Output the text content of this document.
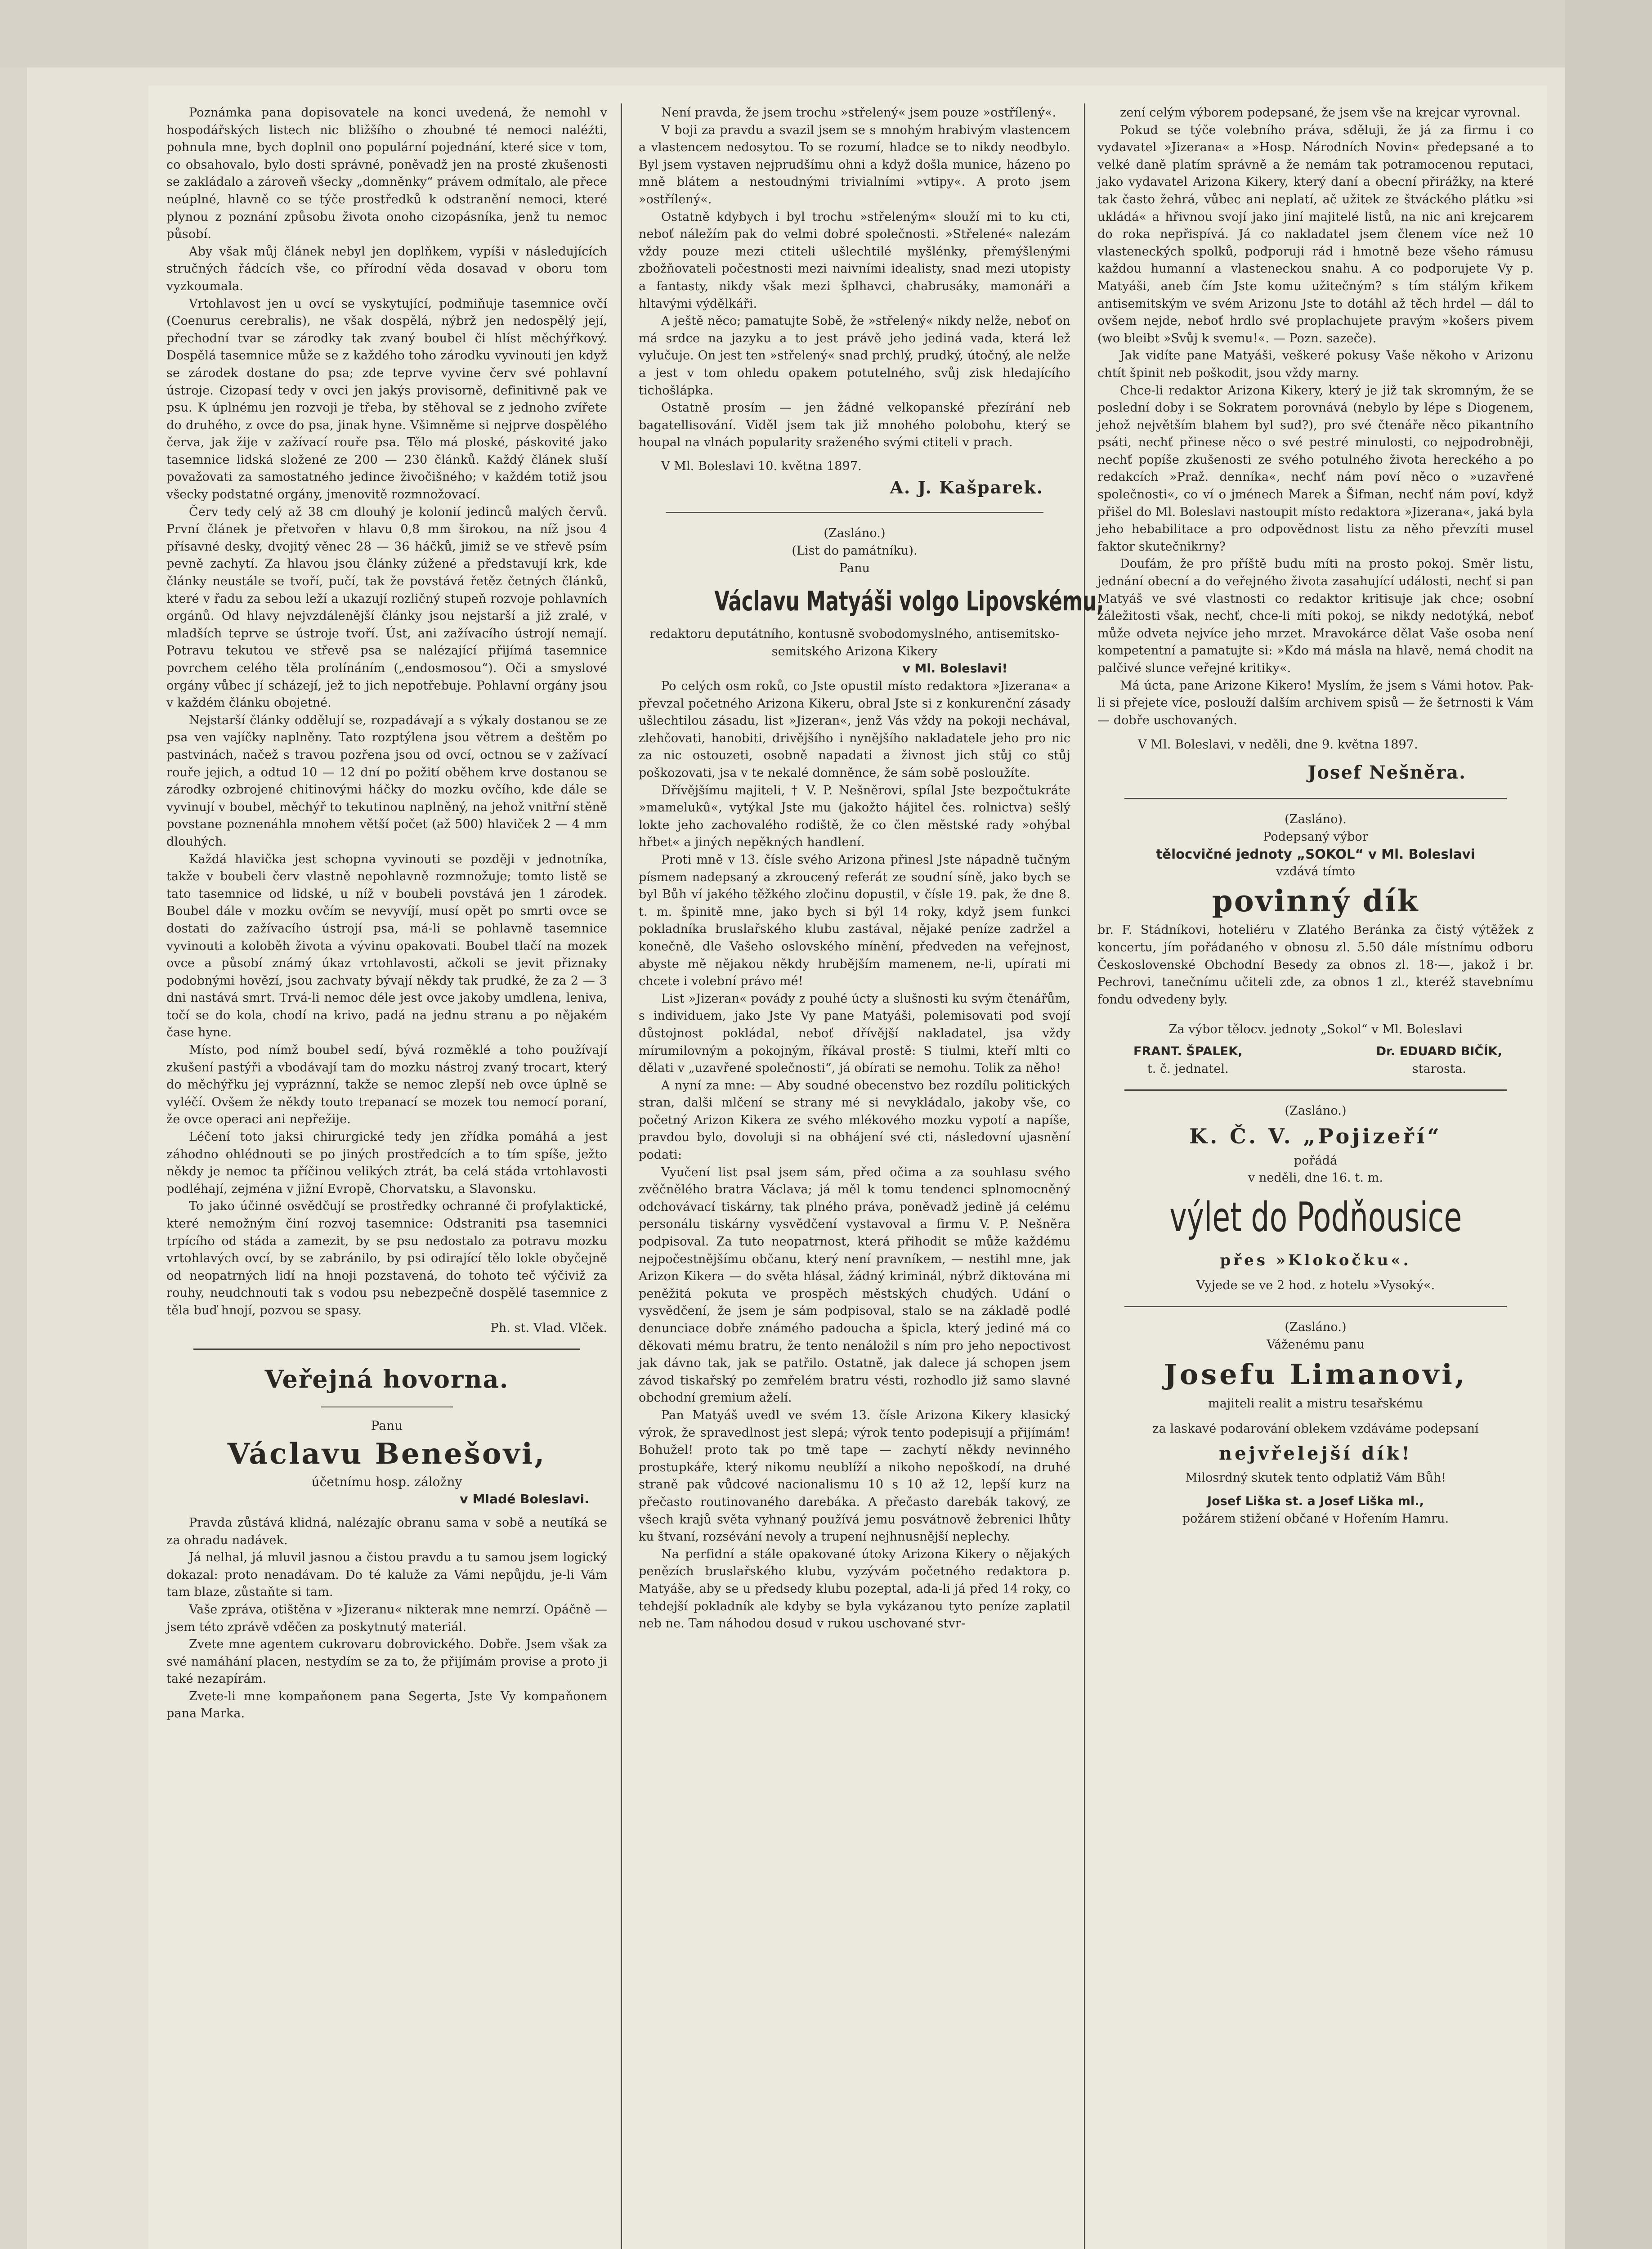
Poznámka pana dopisovatele na konci uvedená, že nemohl v hospodářských listech nic bližšího o zhoubné té nemoci naléźti, pohnula mne, bych doplnil ono populární pojednání, které sice v tom, co obsahovalo, bylo dosti správné, poněvadž jen na prosté zkušenosti se zakládalo a zároveň všecky „domněnky“ právem odmítalo, ale přece neúplné, hlavně co se týče prostředků k odstranění nemoci, které plynou z poznání způsobu života onoho cizopásníka, jenž tu nemoc působí.

Aby však můj článek nebyl jen doplňkem, vypíši v následujících stručných řádcích vše, co přírodní věda dosavad v oboru tom vyzkoumala.

Vrtohlavost jen u ovcí se vyskytující, podmiňuje tasemnice ovčí (Coenurus cerebralis), ne však dospělá, nýbrž jen nedospělý její, přechodní tvar se zárodky tak zvaný boubel či hlíst měchýřkový. Dospělá tasemnice může se z každého toho zárodku vyvinouti jen když se zárodek dostane do psa; zde teprve vyvine červ své pohlavní ústroje. Cizopasí tedy v ovci jen jakýs provisorně, definitivně pak ve psu. K úplnému jen rozvoji je třeba, by stěhoval se z jednoho zvířete do druhého, z ovce do psa, jinak hyne. Všimněme si nejprve dospělého červa, jak žije v zažívací rouře psa. Tělo má ploské, páskovité jako tasemnice lidská složené ze 200 — 230 článků. Každý článek sluší považovati za samostatného jedince živočišného; v každém totiž jsou všecky podstatné orgány, jmenovitě rozmnožovací.

Červ tedy celý až 38 cm dlouhý je kolonií jedinců malých červů. První článek je přetvořen v hlavu 0,8 mm širokou, na níž jsou 4 přísavné desky, dvojitý věnec 28 — 36 háčků, jimiž se ve střevě psím pevně zachytí. Za hlavou jsou články zúžené a představují krk, kde články neustále se tvoří, pučí, tak že povstává řetěz četných článků, které v řadu za sebou leží a ukazují rozličný stupeň rozvoje pohlavních orgánů. Od hlavy nejvzdálenější články jsou nejstarší a již zralé, v mladších teprve se ústroje tvoří. Úst, ani zažívacího ústrojí nemají. Potravu tekutou ve střevě psa se nalézající přijímá tasemnice povrchem celého těla prolínáním („endosmosou“). Oči a smyslové orgány vůbec jí scházejí, jež to jich nepotřebuje. Pohlavní orgány jsou v každém článku obojetné.

Nejstarší články oddělují se, rozpadávají a s výkaly dostanou se ze psa ven vajíčky naplněny. Tato rozptýlena jsou větrem a deštěm po pastvinách, načež s travou pozřena jsou od ovcí, octnou se v zažívací rouře jejich, a odtud 10 — 12 dní po požití oběhem krve dostanou se zárodky ozbrojené chitinovými háčky do mozku ovčího, kde dále se vyvinují v boubel, měchýř to tekutinou naplněný, na jehož vnitřní stěně povstane poznenáhla mnohem větší počet (až 500) hlaviček 2 — 4 mm dlouhých.

Každá hlavička jest schopna vyvinouti se později v jednotníka, takže v boubeli červ vlastně nepohlavně rozmnožuje; tomto listě se tato tasemnice od lidské, u níž v boubeli povstává jen 1 zárodek. Boubel dále v mozku ovčím se nevyvíjí, musí opět po smrti ovce se dostati do zažívacího ústrojí psa, má-li se pohlavně tasemnice vyvinouti a koloběh života a vývinu opakovati. Boubel tlačí na mozek ovce a působí známý úkaz vrtohlavosti, ačkoli se jevit přiznaky podobnými hovězí, jsou zachvaty bývají někdy tak prudké, že za 2 — 3 dni nastává smrt. Trvá-li nemoc déle jest ovce jakoby umdlena, leniva, točí se do kola, chodí na krivo, padá na jednu stranu a po nějakém čase hyne.

Místo, pod nímž boubel sedí, bývá rozměklé a toho používají zkušení pastýři a vbodávají tam do mozku nástroj zvaný trocart, který do měchýřku jej vypráznní, takže se nemoc zlepší neb ovce úplně se vyléčí. Ovšem že někdy touto trepanací se mozek tou nemocí poraní, že ovce operaci ani nepřežije.

Léčení toto jaksi chirurgické tedy jen zřídka pomáhá a jest záhodno ohlédnouti se po jiných prostředcích a to tím spíše, ježto někdy je nemoc ta příčinou velikých ztrát, ba celá stáda vrtohlavosti podléhají, zejména v jižní Evropě, Chorvatsku, a Slavonsku.

To jako účinné osvědčují se prostředky ochranné či profylaktické, které nemožným činí rozvoj tasemnice: Odstraniti psa tasemnici trpícího od stáda a zamezit, by se psu nedostalo za potravu mozku vrtohlavých ovcí, by se zabránilo, by psi odirající tělo lokle obyčejně od neopatrných lidí na hnoji pozstavená, do tohoto teč výčiviž za rouhy, neudchnouti tak s vodou psu nebezpečně dospělé tasemnice z těla buď hnojí, pozvou se spasy.

Ph. st. Vlad. Vlček.

Veřejná hovorna.

Panu

Václavu Benešovi,

účetnímu hosp. záložny

v Mladé Boleslavi.

Pravda zůstává klidná, nalézajíc obranu sama v sobě a neutíká se za ohradu nadávek.

Já nelhal, já mluvil jasnou a čistou pravdu a tu samou jsem logický dokazal: proto nenadávam. Do té kaluže za Vámi nepůjdu, je-li Vám tam blaze, zůstaňte si tam.

Vaše zpráva, otištěna v »Jizeranu« nikterak mne nemrzí. Opáčně — jsem této zprávě vděčen za poskytnutý materiál.

Zvete mne agentem cukrovaru dobrovického. Dobře. Jsem však za své namáhání placen, nestydím se za to, že přijímám provise a proto ji také nezapírám.

Zvete-li mne kompaňonem pana Segerta, Jste Vy kompaňonem pana Marka.

Není pravda, že jsem trochu »střelený« jsem pouze »ostřílený«.

V boji za pravdu a svazil jsem se s mnohým hrabivým vlastencem a vlastencem nedosytou. To se rozumí, hladce se to nikdy neodbylo. Byl jsem vystaven nejprudšímu ohni a když došla munice, házeno po mně blátem a nestoudnými trivialními »vtipy«. A proto jsem »ostřílený«.

Ostatně kdybych i byl trochu »střeleným« slouží mi to ku cti, neboť náležím pak do velmi dobré společnosti. »Střelené« nalezám vždy pouze mezi ctiteli ušlechtilé myšlénky, přemýšlenými zbožňovateli počestnosti mezi naivními idealisty, snad mezi utopisty a fantasty, nikdy však mezi šplhavci, chabrusáky, mamonáři a hltavými výdělkáři.

A ještě něco; pamatujte Sobě, že »střelený« nikdy nelže, neboť on má srdce na jazyku a to jest právě jeho jediná vada, která lež vylučuje. On jest ten »střelený« snad prchlý, prudký, útočný, ale nelže a jest v tom ohledu opakem potutelného, svůj zisk hledajícího tichošlápka.

Ostatně prosím — jen žádné velkopanské přezírání neb bagatellisování. Viděl jsem tak již mnohého polobohu, který se houpal na vlnách popularity sraženého svými ctiteli v prach.

V Ml. Boleslavi 10. května 1897.

A. J. Kašparek.

(Zasláno.)

(List do památníku).

Panu

Václavu Matyáši volgo Lipovskému,

redaktoru deputátního, kontusně svobodomyslného, antisemitsko-semitského Arizona Kikery

v Ml. Boleslavi!

Po celých osm roků, co Jste opustil místo redaktora »Jizerana« a převzal početného Arizona Kikeru, obral Jste si z konkurenční zásady ušlechtilou zásadu, list »Jizeran«, jenž Vás vždy na pokoji nechával, zlehčovati, hanobiti, drivějšího i nynějšího nakladatele jeho pro nic za nic ostouzeti, osobně napadati a živnost jich stůj co stůj poškozovati, jsa v te nekalé domněnce, že sám sobě posloužíte.

Dřívějšímu majiteli, † V. P. Nešněrovi, spílal Jste bezpočtukráte »mamelukû«, vytýkal Jste mu (jakožto hájitel čes. rolnictva) sešlý lokte jeho zachovalého rodiště, že co člen městské rady »ohýbal hřbet« a jiných nepěkných handlení.

Proti mně v 13. čísle svého Arizona přinesl Jste nápadně tučným písmem nadepsaný a zkroucený referát ze soudní síně, jako bych se byl Bůh ví jakého těžkého zločinu dopustil, v čísle 19. pak, že dne 8. t. m. špinitě mne, jako bych si býl 14 roky, když jsem funkci pokladníka bruslařského klubu zastával, nějaké peníze zadržel a konečně, dle Vašeho oslovského mínění, předveden na veřejnost, abyste mě nějakou někdy hrubějším mamenem, ne-li, upírati mi chcete i volební právo mé!

List »Jizeran« povády z pouhé úcty a slušnosti ku svým čtenářům, s individuem, jako Jste Vy pane Matyáši, polemisovati pod svojí důstojnost pokládal, neboť dřívější nakladatel, jsa vždy mírumilovným a pokojným, říkával prostě: S tiulmi, kteří mlti co dělati v „uzavřené společnosti“, já obírati se nemohu. Tolik za něho!

A nyní za mne: — Aby soudné obecenstvo bez rozdílu politických stran, dalši mlčení se strany mé si nevykládalo, jakoby vše, co početný Arizon Kikera ze svého mlékového mozku vypotí a napíše, pravdou bylo, dovoluji si na obhájení své cti, následovní ujasnění podati:

Vyučení list psal jsem sám, před očima a za souhlasu svého zvěčnělého bratra Václava; já měl k tomu tendenci splnomocněný odchovávací tiskárny, tak plného práva, poněvadž jedině já celému personálu tiskárny vysvědčení vystavoval a firmu V. P. Nešněra podpisoval. Za tuto neopatrnost, která přihodit se může každému nejpočestnějšímu občanu, který není pravníkem, — nestihl mne, jak Arizon Kikera — do světa hlásal, žádný kriminál, nýbrž diktována mi peněžitá pokuta ve prospěch městských chudých. Udání o vysvědčení, že jsem je sám podpisoval, stalo se na základě podlé denunciace dobře známého padoucha a špicla, který jediné má co děkovati mému bratru, že tento nenáložil s ním pro jeho nepoctivost jak dávno tak, jak se patřilo. Ostatně, jak dalece já schopen jsem závod tiskařský po zemřelém bratru vésti, rozhodlo již samo slavné obchodní gremium aželí.

Pan Matyáš uvedl ve svém 13. čísle Arizona Kikery klasický výrok, že spravedlnost jest slepá; výrok tento podepisují a přijímám! Bohužel! proto tak po tmě tape — zachytí někdy nevinného prostupkáře, který nikomu neublíží a nikoho nepoškodí, na druhé straně pak vůdcové nacionalismu 10 s 10 až 12, lepší kurz na přečasto routinovaného darebáka. A přečasto darebák takový, ze všech krajů světa vyhnaný používá jemu posvátnově žebrenici lhůty ku štvaní, rozsévání nevoly a trupení nejhnusnější neplechy.

Na perfidní a stále opakované útoky Arizona Kikery o nějakých penězích bruslařského klubu, vyzývám početného redaktora p. Matyáše, aby se u předsedy klubu pozeptal, ada-li já před 14 roky, co tehdejší pokladník ale kdyby se byla vykázanou tyto peníze zaplatil neb ne. Tam náhodou dosud v rukou uschované stvr-

zení celým výborem podepsané, že jsem vše na krejcar vyrovnal.

Pokud se týče volebního práva, sděluji, že já za firmu i co vydavatel »Jizerana« a »Hosp. Národních Novin« předepsané a to velké daně platím správně a že nemám tak potramocenou reputaci, jako vydavatel Arizona Kikery, který daní a obecní přirážky, na které tak často žehrá, vůbec ani neplatí, ač užitek ze štváckého plátku »si ukládá« a hřivnou svojí jako jiní majitelé listů, na nic ani krejcarem do roka nepřispívá. Já co nakladatel jsem členem více než 10 vlastenecký́ch spolků, podporuji rád i hmotně beze všeho rámusu každou humanní a vlasteneckou snahu. A co podporujete Vy p. Matyáši, aneb čím Jste komu užitečným? s tím stálým křikem antisemitským ve svém Arizonu Jste to dotáhl až těch hrdel — dál to ovšem nejde, neboť hrdlo své proplachujete pravým »košers pivem (wo bleibt »Svůj k svemu!«. — Pozn. sazeče).

Jak vidíte pane Matyáši, veškeré pokusy Vaše někoho v Arizonu chtít špinit neb poškodit, jsou vždy marny.

Chce-li redaktor Arizona Kikery, který je již tak skromným, že se poslední doby i se Sokratem porovnává (nebylo by lépe s Diogenem, jehož největším blahem byl sud?), pro své čtenáře něco pikantního psáti, nechť přinese něco o své pestré minulosti, co nejpodrobněji, nechť popíše zkušenosti ze svého potulného života hereckého a po redakcích »Praž. denníka«, nechť nám poví něco o »uzavřené společnosti«, co ví o jménech Marek a Šifman, nechť nám poví, když přišel do Ml. Boleslavi nastoupit místo redaktora »Jizerana«, jaká byla jeho hebabilitace a pro odpovědnost listu za něho převzíti musel faktor skutečnikrny?

Doufám, že pro příště budu míti na prosto pokoj. Směr listu, jednání obecní a do veřejného života zasahující události, nechť si pan Matyáš ve své vlastnosti co redaktor kritisuje jak chce; osobní záležitosti však, nechť, chce-li míti pokoj, se nikdy nedotýká, neboť může odveta nejvíce jeho mrzet. Mravokárce dělat Vaše osoba není kompetentní a pamatujte si: »Kdo má másla na hlavě, nemá chodit na palčivé slunce veřejné kritiky«.

Má úcta, pane Arizone Kikero! Myslím, že jsem s Vámi hotov. Pak-li si přejete více, poslouží dalším archivem spisů — že šetrnosti k Vám — dobře uschovaných.

V Ml. Boleslavi, v neděli, dne 9. května 1897.

Josef Nešněra.

(Zasláno).

Podepsaný výbor

tělocvičné jednoty „SOKOL“ v Ml. Boleslavi

vzdává tímto

povinný dík

br. F. Stádníkovi, hoteliéru v Zlatého Beránka za čistý výtěžek z koncertu, jím pořádaného v obnosu zl. 5.50 dále místnímu odboru Československé Obchodní Besedy za obnos zl. 18·—, jakož i br. Pechrovi, tanečnímu učiteli zde, za obnos 1 zl., kteréž stavebnímu fondu odvedeny byly.

Za výbor tělocv. jednoty „Sokol“ v Ml. Boleslavi

FRANT. ŠPALEK,
t. č. jednatel.
Dr. EDUARD BIČÍK,
starosta.

(Zasláno.)

K. Č. V. „Pojizeří“

pořádá

v neděli, dne 16. t. m.

výlet do Podňousice

přes »Klokočku«.

Vyjede se ve 2 hod. z hotelu »Vysoký«.

(Zasláno.)

Váženému panu

Josefu Limanovi,

majiteli realit a mistru tesařskému

za laskavé podarování oblekem vzdáváme podepsaní

nejvřelejší dík!

Milosrdný skutek tento odplatiž Vám Bůh!

Josef Liška st. a Josef Liška ml.,

požárem stižení občané v Hořením Hamru.
